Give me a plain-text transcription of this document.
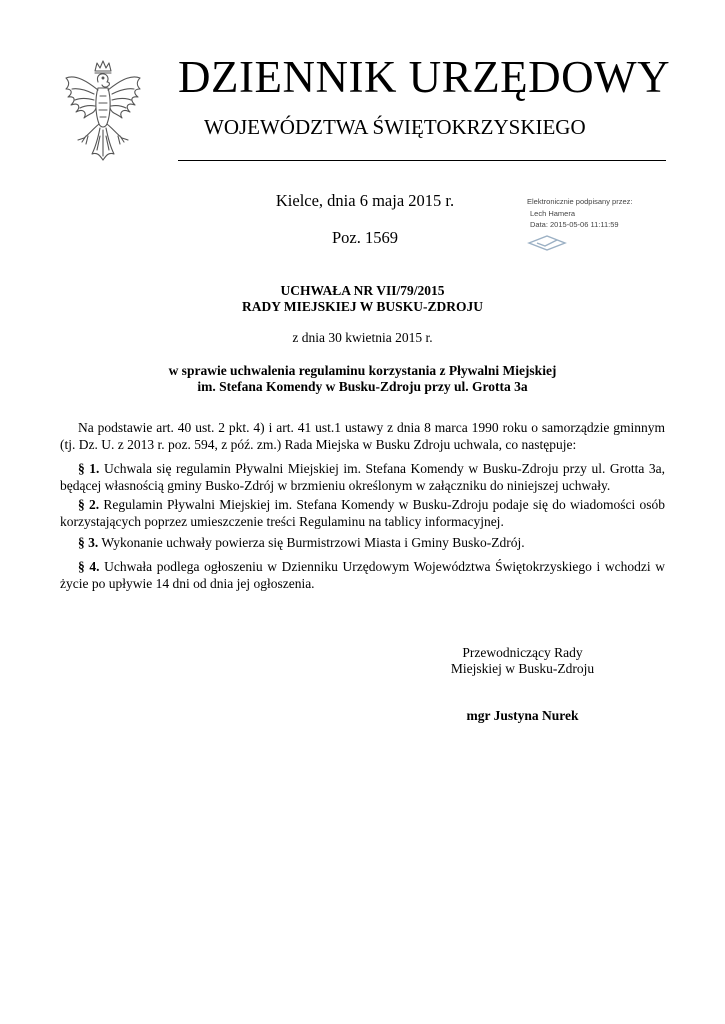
DZIENNIK URZĘDOWY
WOJEWÓDZTWA ŚWIĘTOKRZYSKIEGO
Kielce, dnia 6 maja 2015 r.
Poz. 1569
Elektronicznie podpisany przez:
Lech Hamera
Data: 2015-05-06 11:11:59
UCHWAŁA NR VII/79/2015
RADY MIEJSKIEJ W BUSKU-ZDROJU
z dnia 30 kwietnia 2015 r.
w sprawie uchwalenia regulaminu korzystania z Pływalni Miejskiej
im. Stefana Komendy w Busku-Zdroju przy ul. Grotta 3a
Na podstawie art. 40 ust. 2 pkt. 4) i art. 41 ust.1 ustawy z dnia 8 marca 1990 roku o samorządzie gminnym (tj. Dz. U. z 2013 r. poz. 594, z póź. zm.) Rada Miejska w Busku Zdroju uchwala, co następuje:
§ 1. Uchwala się regulamin Pływalni Miejskiej im. Stefana Komendy w Busku-Zdroju przy ul. Grotta 3a, będącej własnością gminy Busko-Zdrój w brzmieniu określonym w załączniku do niniejszej uchwały.
§ 2. Regulamin Pływalni Miejskiej im. Stefana Komendy w Busku-Zdroju podaje się do wiadomości osób korzystających poprzez umieszczenie treści Regulaminu na tablicy informacyjnej.
§ 3. Wykonanie uchwały powierza się Burmistrzowi Miasta i Gminy Busko-Zdrój.
§ 4. Uchwała podlega ogłoszeniu w Dzienniku Urzędowym Województwa Świętokrzyskiego i wchodzi w życie po upływie 14 dni od dnia jej ogłoszenia.
Przewodniczący Rady
Miejskiej w Busku-Zdroju
mgr Justyna Nurek
